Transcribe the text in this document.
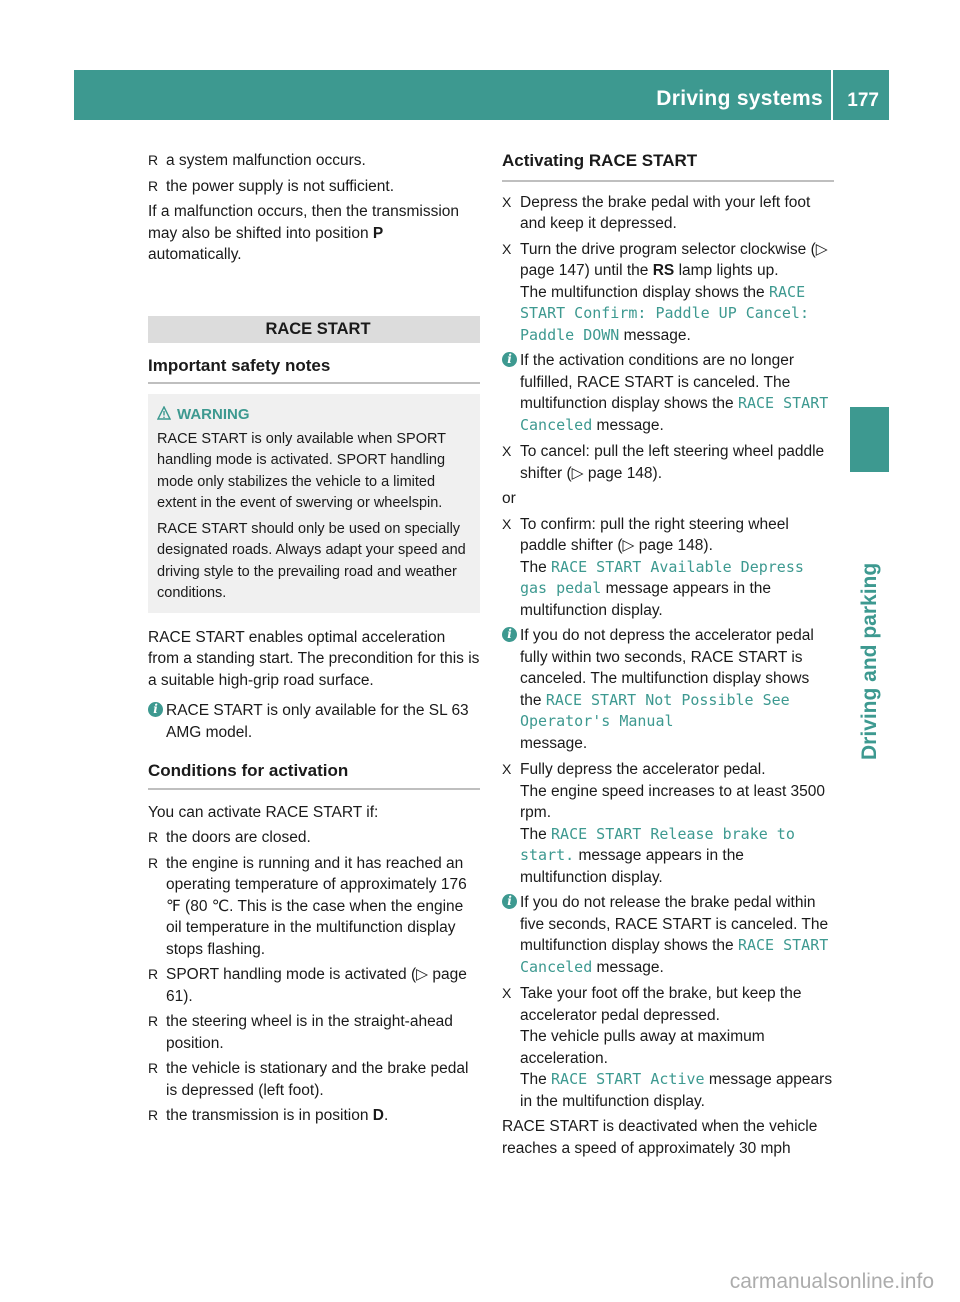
Driving systems 177
Driving and parking
R a system malfunction occurs.
R the power supply is not sufficient.

If a malfunction occurs, then the transmission may also be shifted into position P automatically.

RACE START
Important safety notes
WARNING

RACE START is only available when SPORT handling mode is activated. SPORT handling mode only stabilizes the vehicle to a limited extent in the event of swerving or wheelspin.

RACE START should only be used on specially designated roads. Always adapt your speed and driving style to the prevailing road and weather conditions.

RACE START enables optimal acceleration from a standing start. The precondition for this is a suitable high-grip road surface.

i RACE START is only available for the SL 63 AMG model.
Conditions for activation

You can activate RACE START if:

R the doors are closed.
R the engine is running and it has reached an operating temperature of approximately 176 ℉ (80 ℃. This is the case when the engine oil temperature in the multifunction display stops flashing.
R SPORT handling mode is activated (▷ page 61).
R the steering wheel is in the straight-ahead position.
R the vehicle is stationary and the brake pedal is depressed (left foot).
R the transmission is in position D.
Activating RACE START
X Depress the brake pedal with your left foot and keep it depressed.
X Turn the drive program selector clockwise (▷ page 147) until the RS lamp lights up.
The multifunction display shows the RACE START Confirm: Paddle UP Cancel: Paddle DOWN message.
i If the activation conditions are no longer fulfilled, RACE START is canceled. The multifunction display shows the RACE START Canceled message.
X To cancel: pull the left steering wheel paddle shifter (▷ page 148).

or

X To confirm: pull the right steering wheel paddle shifter (▷ page 148).
The RACE START Available Depress gas pedal message appears in the multifunction display.
i If you do not depress the accelerator pedal fully within two seconds, RACE START is canceled. The multifunction display shows the RACE START Not Possible See Operator's Manual
message.
X Fully depress the accelerator pedal.
The engine speed increases to at least 3500 rpm.
The RACE START Release brake to start. message appears in the multifunction display.
i If you do not release the brake pedal within five seconds, RACE START is canceled. The multifunction display shows the RACE START Canceled message.
X Take your foot off the brake, but keep the accelerator pedal depressed.
The vehicle pulls away at maximum acceleration.
The RACE START Active message appears in the multifunction display.

RACE START is deactivated when the vehicle reaches a speed of approximately 30 mph

carmanualsonline.info
